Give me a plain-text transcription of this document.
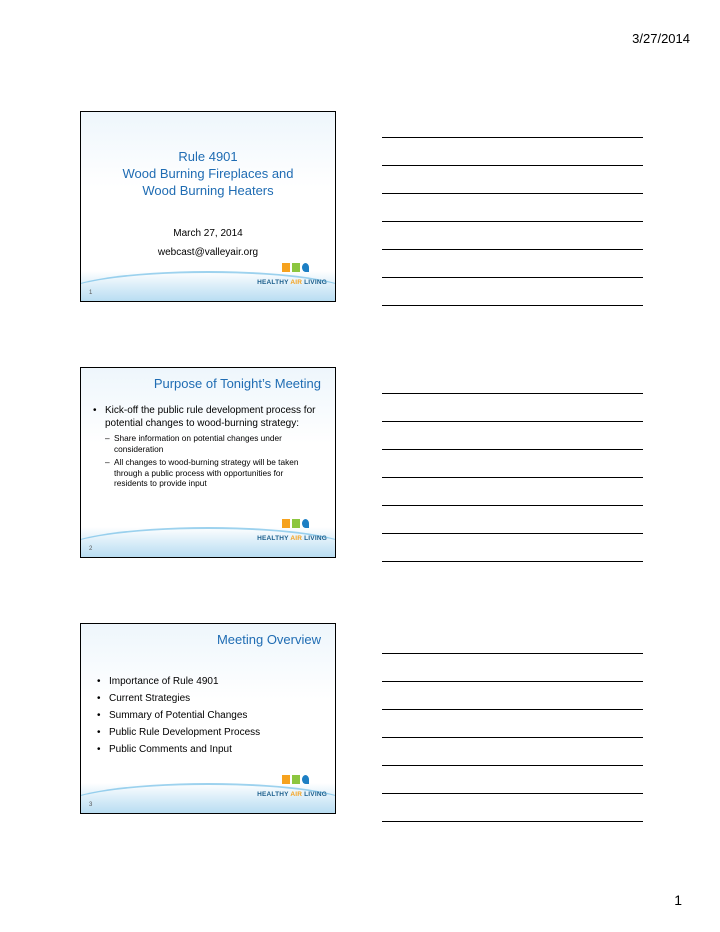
3/27/2014
Rule 4901
Wood Burning Fireplaces and
Wood Burning Heaters
March 27, 2014
webcast@valleyair.org
HEALTHY AIR LIVING
1
Purpose of Tonight’s Meeting
• Kick-off the public rule development process for potential changes to wood-burning strategy:
– Share information on potential changes under consideration
– All changes to wood-burning strategy will be taken through a public process with opportunities for residents to provide input
HEALTHY AIR LIVING
2
Meeting Overview
• Importance of Rule 4901
• Current Strategies
• Summary of Potential Changes
• Public Rule Development Process
• Public Comments and Input
HEALTHY AIR LIVING
3
1
